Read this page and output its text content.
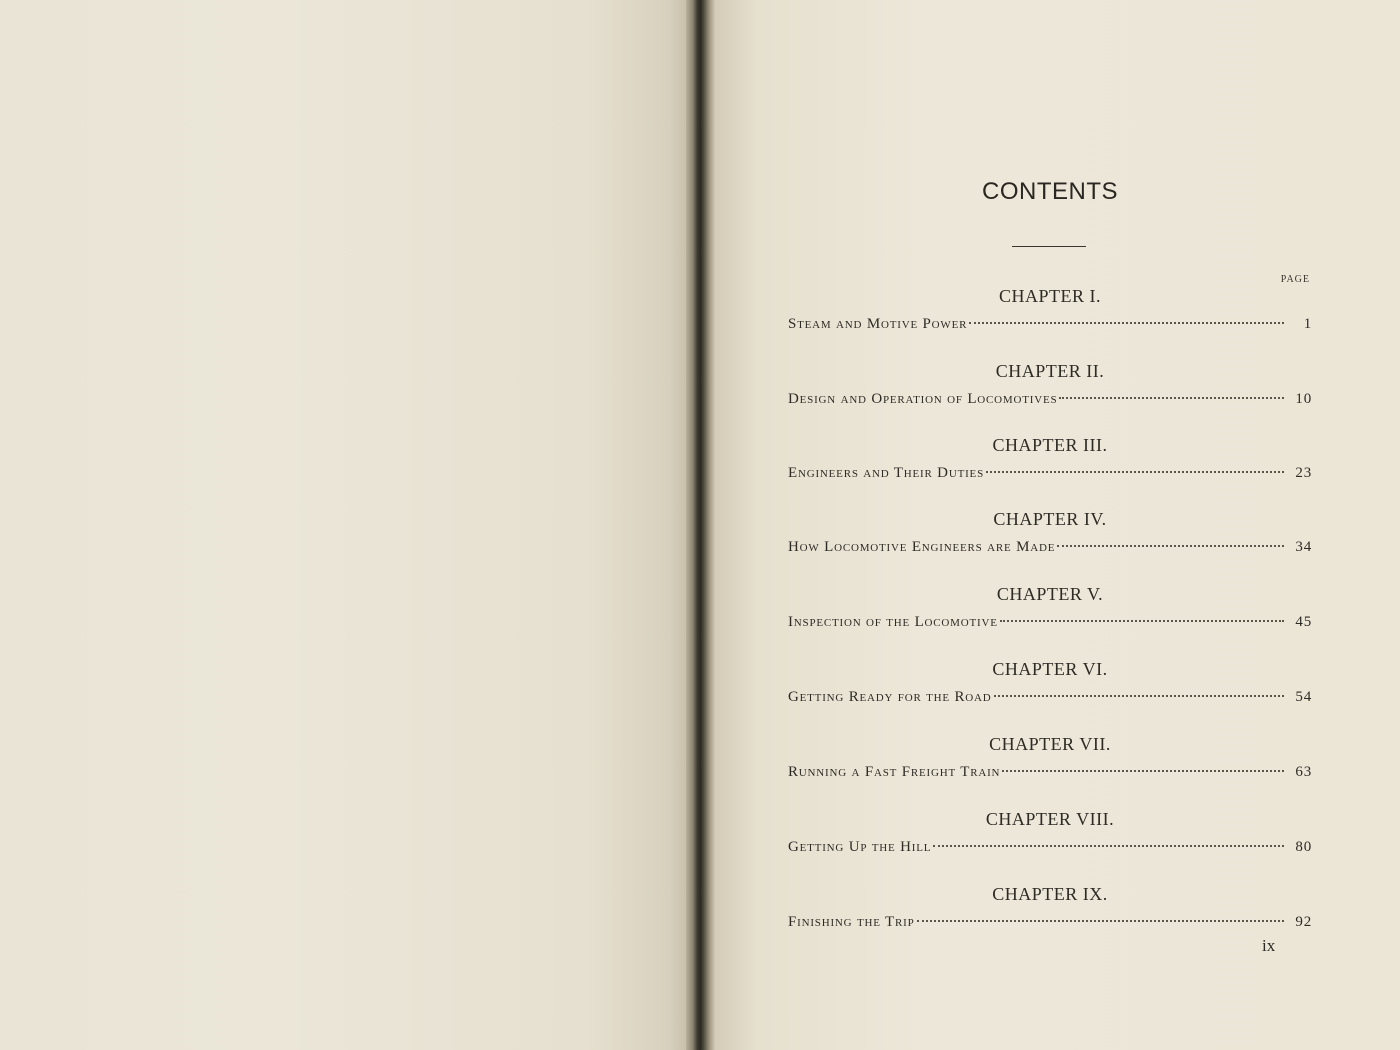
CONTENTS
PAGE
CHAPTER I.
Steam and Motive Power	1
CHAPTER II.
Design and Operation of Locomotives	10
CHAPTER III.
Engineers and Their Duties	23
CHAPTER IV.
How Locomotive Engineers are Made	34
CHAPTER V.
Inspection of the Locomotive	45
CHAPTER VI.
Getting Ready for the Road	54
CHAPTER VII.
Running a Fast Freight Train	63
CHAPTER VIII.
Getting Up the Hill	80
CHAPTER IX.
Finishing the Trip	92
ix
